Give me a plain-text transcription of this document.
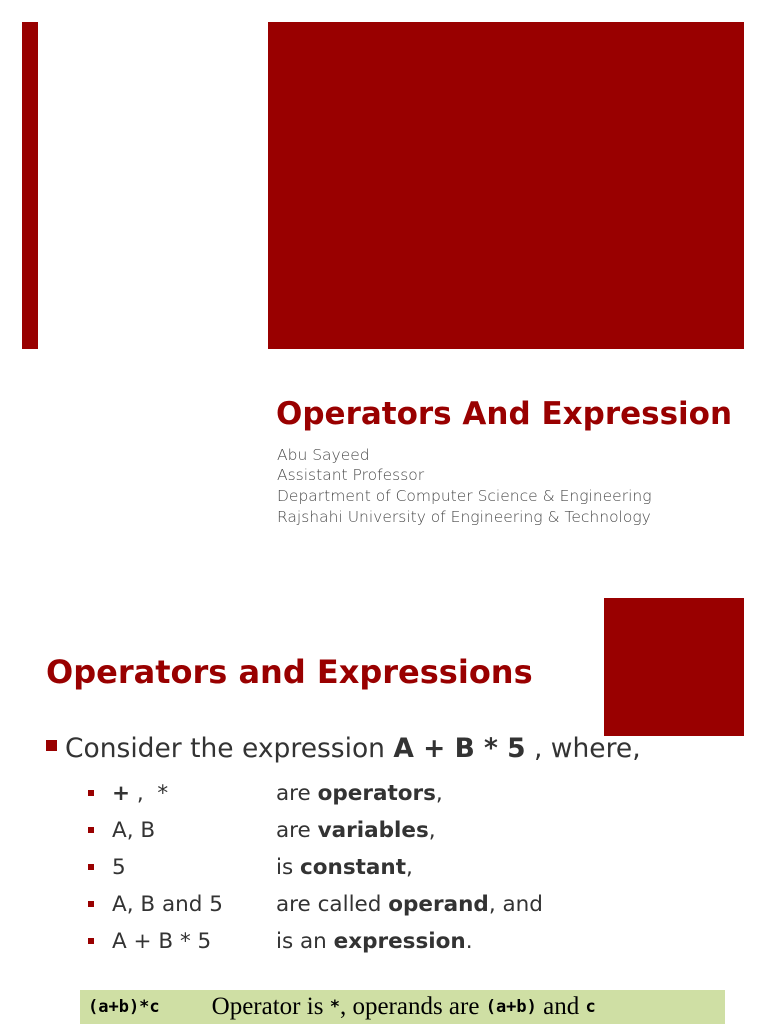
Operators And Expression

Abu Sayeed

Assistant Professor

Department of Computer Science & Engineering

Rajshahi University of Engineering & Technology

Operators and Expressions
Consider the expression A + B * 5 , where,
+ ,  *	are operators,
A, B	are variables,
5	is constant,
A, B and 5	are called operand, and
A + B * 5	is an expression.
(a+b)*c Operator is * , operands are (a+b) and c
